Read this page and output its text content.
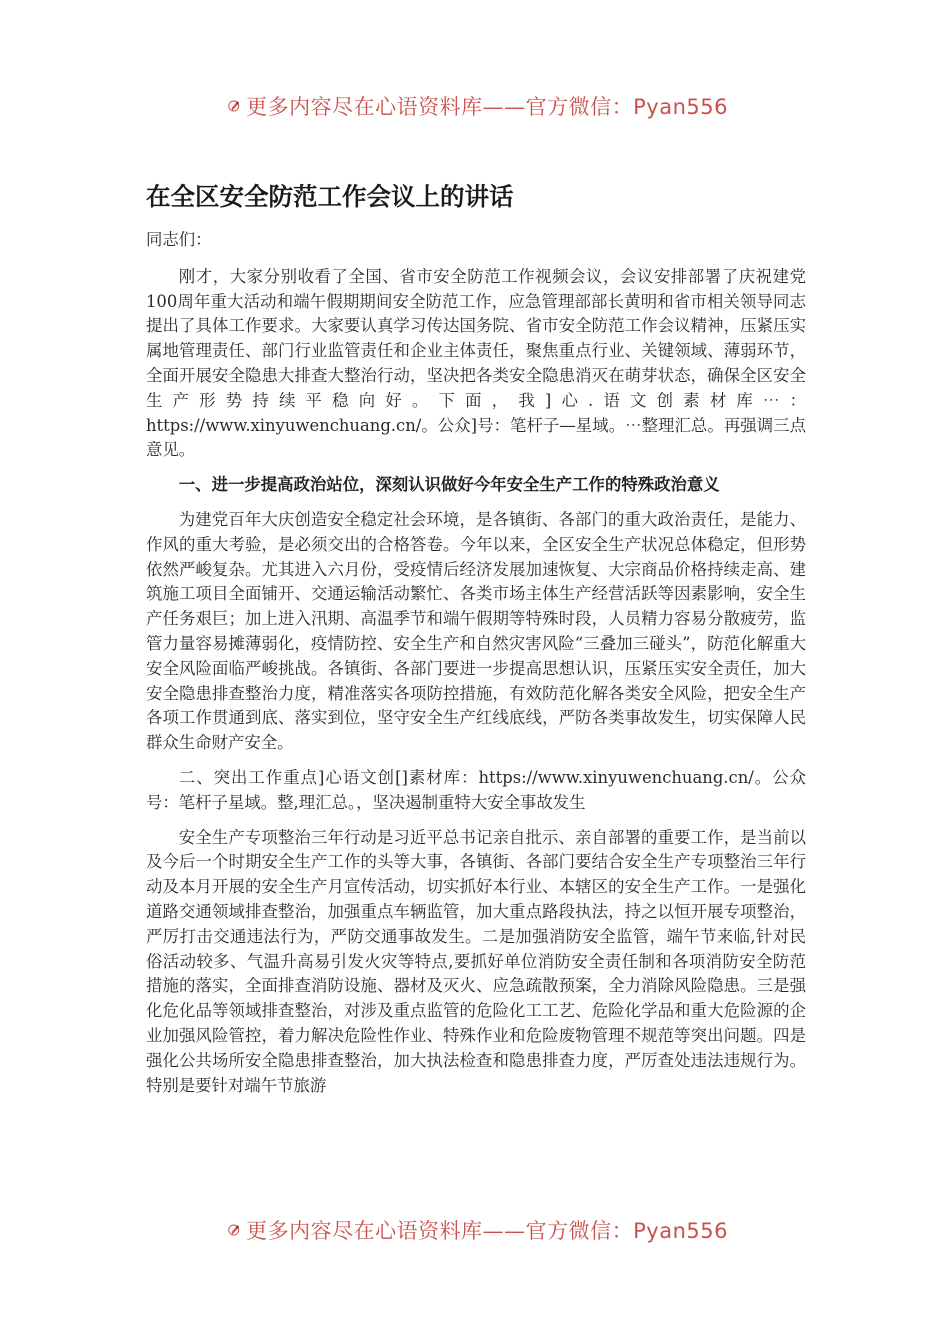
更多内容尽在心语资料库——官方微信：Pyan556
在全区安全防范工作会议上的讲话

同志们：

刚才，大家分别收看了全国、省市安全防范工作视频会议，会议安排部署了庆祝建党100周年重大活动和端午假期期间安全防范工作，应急管理部部长黄明和省市相关领导同志提出了具体工作要求。大家要认真学习传达国务院、省市安全防范工作会议精神，压紧压实属地管理责任、部门行业监管责任和企业主体责任，聚焦重点行业、关键领域、薄弱环节，全面开展安全隐患大排查大整治行动，坚决把各类安全隐患消灭在萌芽状态，确保全区安全生产形势持续平稳向好。下面，我]心.语文创素材库⋯：https://www.xinyuwenchuang.cn/。公众]号：笔杆子—星域。⋯整理汇总。再强调三点意见。

一、进一步提高政治站位，深刻认识做好今年安全生产工作的特殊政治意义

为建党百年大庆创造安全稳定社会环境，是各镇街、各部门的重大政治责任，是能力、作风的重大考验，是必须交出的合格答卷。今年以来，全区安全生产状况总体稳定，但形势依然严峻复杂。尤其进入六月份，受疫情后经济发展加速恢复、大宗商品价格持续走高、建筑施工项目全面铺开、交通运输活动繁忙、各类市场主体生产经营活跃等因素影响，安全生产任务艰巨；加上进入汛期、高温季节和端午假期等特殊时段，人员精力容易分散疲劳，监管力量容易摊薄弱化，疫情防控、安全生产和自然灾害风险“三叠加三碰头”，防范化解重大安全风险面临严峻挑战。各镇街、各部门要进一步提高思想认识，压紧压实安全责任，加大安全隐患排查整治力度，精准落实各项防控措施，有效防范化解各类安全风险，把安全生产各项工作贯通到底、落实到位，坚守安全生产红线底线，严防各类事故发生，切实保障人民群众生命财产安全。

二、突出工作重点]心语文创[]素材库：https://www.xinyuwenchuang.cn/。公众号：笔杆子星域。整,理汇总。，坚决遏制重特大安全事故发生

安全生产专项整治三年行动是习近平总书记亲自批示、亲自部署的重要工作，是当前以及今后一个时期安全生产工作的头等大事，各镇街、各部门要结合安全生产专项整治三年行动及本月开展的安全生产月宣传活动，切实抓好本行业、本辖区的安全生产工作。一是强化道路交通领域排查整治，加强重点车辆监管，加大重点路段执法，持之以恒开展专项整治，严厉打击交通违法行为，严防交通事故发生。二是加强消防安全监管，端午节来临,针对民俗活动较多、气温升高易引发火灾等特点,要抓好单位消防安全责任制和各项消防安全防范措施的落实，全面排查消防设施、器材及灭火、应急疏散预案，全力消除风险隐患。三是强化危化品等领域排查整治，对涉及重点监管的危险化工工艺、危险化学品和重大危险源的企业加强风险管控，着力解决危险性作业、特殊作业和危险废物管理不规范等突出问题。四是强化公共场所安全隐患排查整治，加大执法检查和隐患排查力度，严厉查处违法违规行为。特别是要针对端午节旅游

更多内容尽在心语资料库——官方微信：Pyan556
